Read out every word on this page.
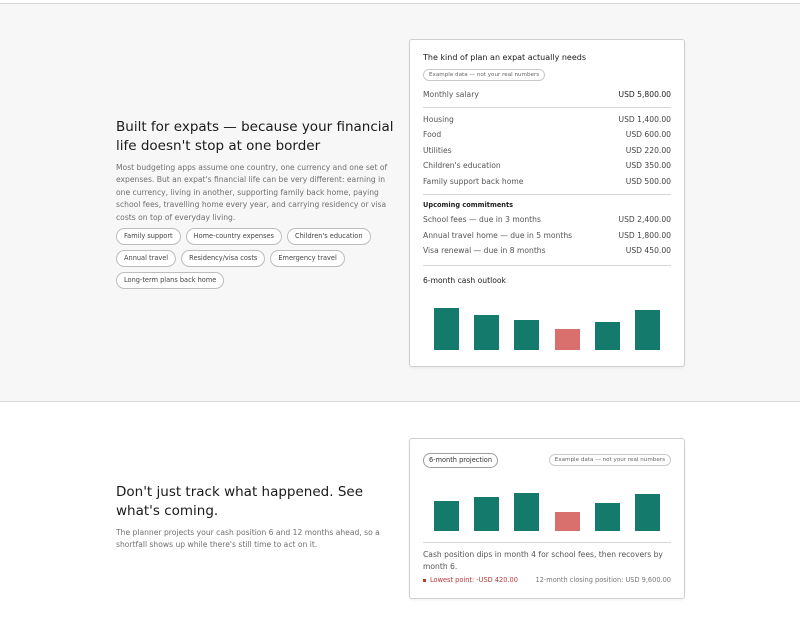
Built for expats — because your financial life doesn't stop at one border

Most budgeting apps assume one country, one currency and one set of expenses. But an expat's financial life can be very different: earning in one currency, living in another, supporting family back home, paying school fees, travelling home every year, and carrying residency or visa costs on top of everyday living.

Family support	Home-country expenses	Children's education
Annual travel	Residency/visa costs	Emergency travel
Long-term plans back home
The kind of plan an expat actually needs
Example data — not your real numbers
Monthly salary	USD 5,800.00
Housing	USD 1,400.00
Food	USD 600.00
Utilities	USD 220.00
Children's education	USD 350.00
Family support back home	USD 500.00
Upcoming commitments
School fees — due in 3 months	USD 2,400.00
Annual travel home — due in 5 months	USD 1,800.00
Visa renewal — due in 8 months	USD 450.00
6-month cash outlook
Don't just track what happened. See what's coming.

The planner projects your cash position 6 and 12 months ahead, so a shortfall shows up while there's still time to act on it.

6-month projection	Example data — not your real numbers
Cash position dips in month 4 for school fees, then recovers by month 6.
Lowest point: -USD 420.00	12-month closing position: USD 9,600.00
